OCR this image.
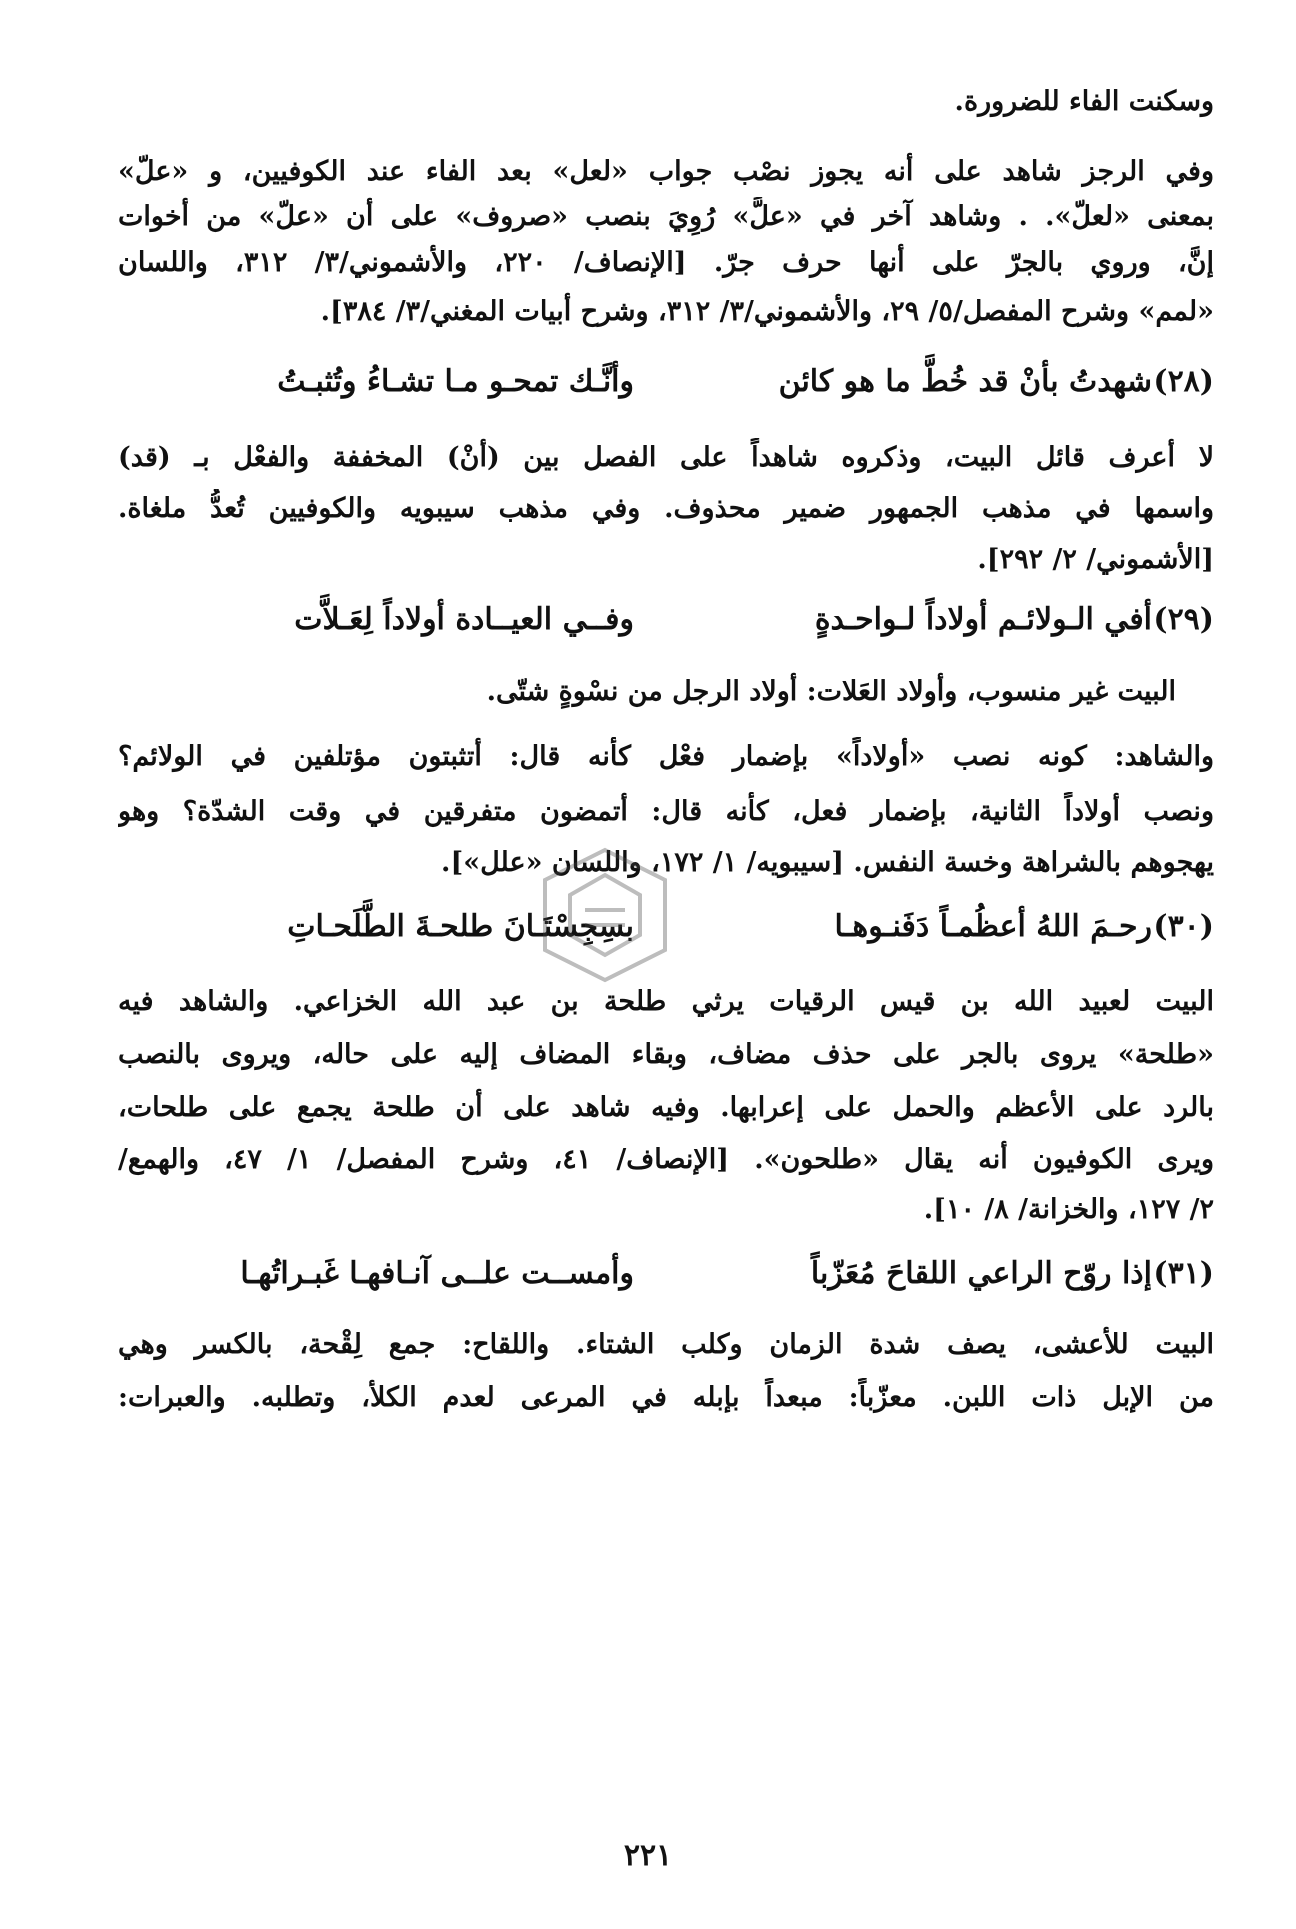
وسكنت الفاء للضرورة.
وفي الرجز شاهد على أنه يجوز نصْب جواب «لعل» بعد الفاء عند الكوفيين، و «علّ»
بمعنى «لعلّ». . وشاهد آخر في «علَّ» رُوِيَ بنصب «صروف» على أن «علّ» من أخوات
إنَّ، وروي بالجرّ على أنها حرف جرّ. [الإنصاف/ ٢٢٠، والأشموني/٣/ ٣١٢، واللسان
«لمم» وشرح المفصل/٥/ ٢٩، والأشموني/٣/ ٣١٢، وشرح أبيات المغني/٣/ ٣٨٤].
(٢٨)
شهدتُ بأنْ قد خُطَّ ما هو كائن
وأنَّـك تمحـو مـا تشـاءُ وتُثبـتُ
لا أعرف قائل البيت، وذكروه شاهداً على الفصل بين (أنْ) المخففة والفعْل بـ (قد)
واسمها في مذهب الجمهور ضمير محذوف. وفي مذهب سيبويه والكوفيين تُعدُّ ملغاة.
[الأشموني/ ٢/ ٢٩٢].
(٢٩)
أفي الـولائـم أولاداً لـواحـدةٍ
وفــي العيــادة أولاداً لِعَـلاَّت
البيت غير منسوب، وأولاد العَلات: أولاد الرجل من نسْوةٍ شتّى.
والشاهد: كونه نصب «أولاداً» بإضمار فعْل كأنه قال: أتثبتون مؤتلفين في الولائم؟
ونصب أولاداً الثانية، بإضمار فعل، كأنه قال: أتمضون متفرقين في وقت الشدّة؟ وهو
يهجوهم بالشراهة وخسة النفس. [سيبويه/ ١/ ١٧٢، واللسان «علل»].
(٣٠)
رحـمَ اللهُ أعظُمـاً دَفَنـوهـا
بسِجِسْتَـانَ طلحـةَ الطَّلَحـاتِ
البيت لعبيد الله بن قيس الرقيات يرثي طلحة بن عبد الله الخزاعي. والشاهد فيه
«طلحة» يروى بالجر على حذف مضاف، وبقاء المضاف إليه على حاله، ويروى بالنصب
بالرد على الأعظم والحمل على إعرابها. وفيه شاهد على أن طلحة يجمع على طلحات،
ويرى الكوفيون أنه يقال «طلحون». [الإنصاف/ ٤١، وشرح المفصل/ ١/ ٤٧، والهمع/
٢/ ١٢٧، والخزانة/ ٨/ ١٠].
(٣١)
إذا روّح الراعي اللقاحَ مُعَزّباً
وأمســت علــى آنـافهـا غَبـراتُهـا
البيت للأعشى، يصف شدة الزمان وكلب الشتاء. واللقاح: جمع لِقْحة، بالكسر وهي
من الإبل ذات اللبن. معزّباً: مبعداً بإبله في المرعى لعدم الكلأ، وتطلبه. والعبرات:
٢٢١
